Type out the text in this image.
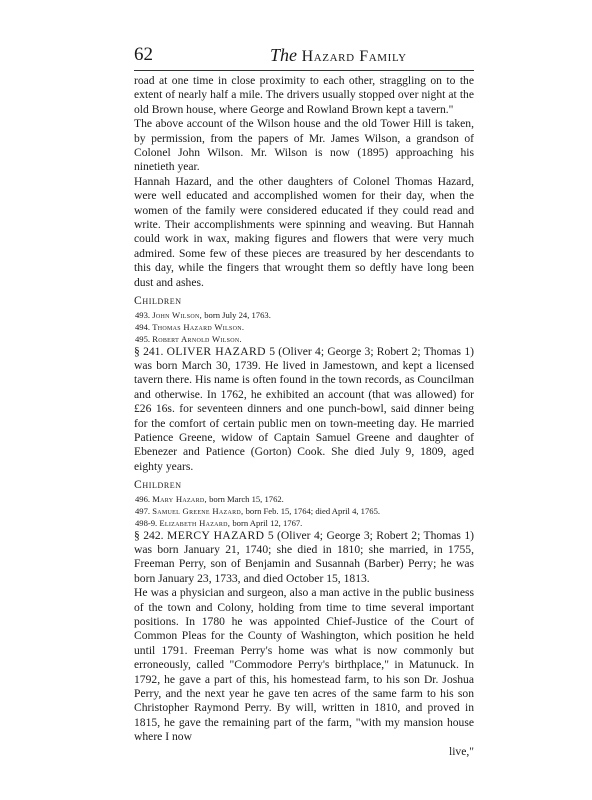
62	The Hazard Family

road at one time in close proximity to each other, straggling on to the extent of nearly half a mile. The drivers usually stopped over night at the old Brown house, where George and Rowland Brown kept a tavern."

The above account of the Wilson house and the old Tower Hill is taken, by permission, from the papers of Mr. James Wilson, a grandson of Colonel John Wilson. Mr. Wilson is now (1895) approaching his ninetieth year.

Hannah Hazard, and the other daughters of Colonel Thomas Hazard, were well educated and accomplished women for their day, when the women of the family were considered educated if they could read and write. Their accomplishments were spinning and weaving. But Hannah could work in wax, making figures and flowers that were very much admired. Some few of these pieces are treasured by her descendants to this day, while the fingers that wrought them so deftly have long been dust and ashes.

Children
493. John Wilson, born July 24, 1763.
494. Thomas Hazard Wilson.
495. Robert Arnold Wilson.

§ 241. OLIVER HAZARD 5 (Oliver 4; George 3; Robert 2; Thomas 1) was born March 30, 1739. He lived in Jamestown, and kept a licensed tavern there. His name is often found in the town records, as Councilman and otherwise. In 1762, he exhibited an account (that was allowed) for £26 16s. for seventeen dinners and one punch-bowl, said dinner being for the comfort of certain public men on town-meeting day. He married Patience Greene, widow of Captain Samuel Greene and daughter of Ebenezer and Patience (Gorton) Cook. She died July 9, 1809, aged eighty years.

Children
496. Mary Hazard, born March 15, 1762.
497. Samuel Greene Hazard, born Feb. 15, 1764; died April 4, 1765.
498-9. Elizabeth Hazard, born April 12, 1767.

§ 242. MERCY HAZARD 5 (Oliver 4; George 3; Robert 2; Thomas 1) was born January 21, 1740; she died in 1810; she married, in 1755, Freeman Perry, son of Benjamin and Susannah (Barber) Perry; he was born January 23, 1733, and died October 15, 1813.

He was a physician and surgeon, also a man active in the public business of the town and Colony, holding from time to time several important positions. In 1780 he was appointed Chief-Justice of the Court of Common Pleas for the County of Washington, which position he held until 1791. Freeman Perry's home was what is now commonly but erroneously, called "Commodore Perry's birthplace," in Matunuck. In 1792, he gave a part of this, his homestead farm, to his son Dr. Joshua Perry, and the next year he gave ten acres of the same farm to his son Christopher Raymond Perry. By will, written in 1810, and proved in 1815, he gave the remaining part of the farm, "with my mansion house where I now

live,"
